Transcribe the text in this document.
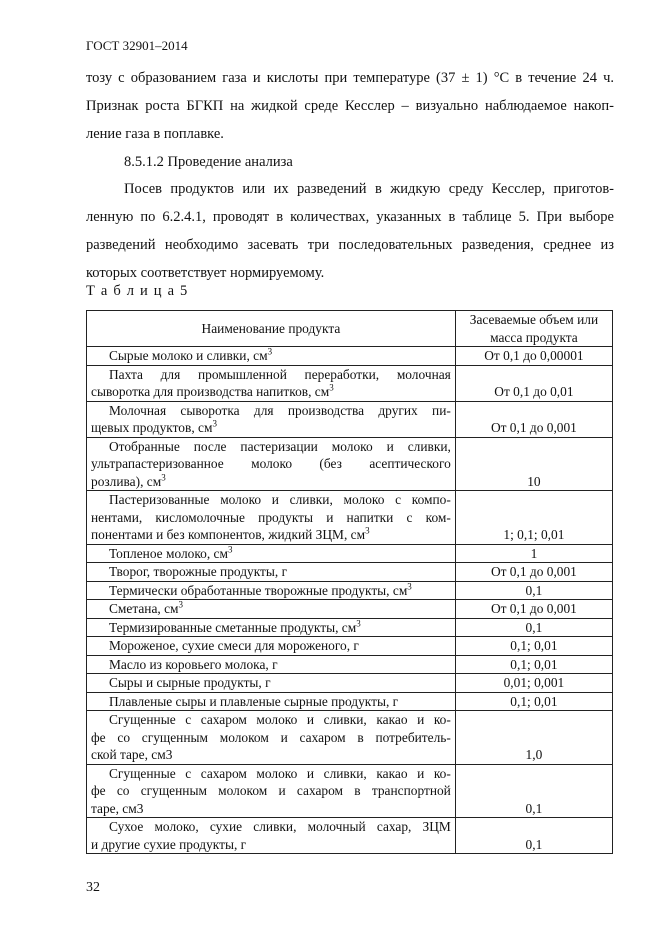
ГОСТ 32901–2014
тозу с образованием газа и кислоты при температуре (37 ± 1) °С в течение 24 ч.
Признак роста БГКП на жидкой среде Кесслер – визуально наблюдаемое накоп-
ление газа в поплавке.
8.5.1.2 Проведение анализа
Посев продуктов или их разведений в жидкую среду Кесслер, приготов-
ленную по 6.2.4.1, проводят в количествах, указанных в таблице 5. При выборе
разведений необходимо засевать три последовательных разведения, среднее из
которых соответствует нормируемому.
Т а б л и ц а 5
Наименование продукта	Засеваемые объем или масса продукта

Сырые молоко и сливки, $см^3$	От 0,1 до 0,00001

Пахта для промышленной переработки, молочная
сыворотка для производства напитков, $см^3$	От 0,1 до 0,01

Молочная сыворотка для производства других пи-
щевых продуктов, $см^3$	От 0,1 до 0,001

Отобранные после пастеризации молоко и сливки,
ультрапастеризованное молоко (без асептического
розлива), $см^3$	10

Пастеризованные молоко и сливки, молоко с компо-
нентами, кисломолочные продукты и напитки с ком-
понентами и без компонентов, жидкий ЗЦМ, $см^3$	1; 0,1; 0,01

Топленое молоко, $см^3$	1

Творог, творожные продукты, г	От 0,1 до 0,001

Термически обработанные творожные продукты, $см^3$	0,1

Сметана, $см^3$	От 0,1 до 0,001

Термизированные сметанные продукты, $см^3$	0,1

Мороженое, сухие смеси для мороженого, г	0,1; 0,01

Масло из коровьего молока, г	0,1; 0,01

Сыры и сырные продукты, г	0,01; 0,001

Плавленые сыры и плавленые сырные продукты, г	0,1; 0,01

Сгущенные с сахаром молоко и сливки, какао и ко-
фе со сгущенным молоком и сахаром в потребитель-
ской таре, см3	1,0

Сгущенные с сахаром молоко и сливки, какао и ко-
фе со сгущенным молоком и сахаром в транспортной
таре, см3	0,1

Сухое молоко, сухие сливки, молочный сахар, ЗЦМ
и другие сухие продукты, г	0,1
32
